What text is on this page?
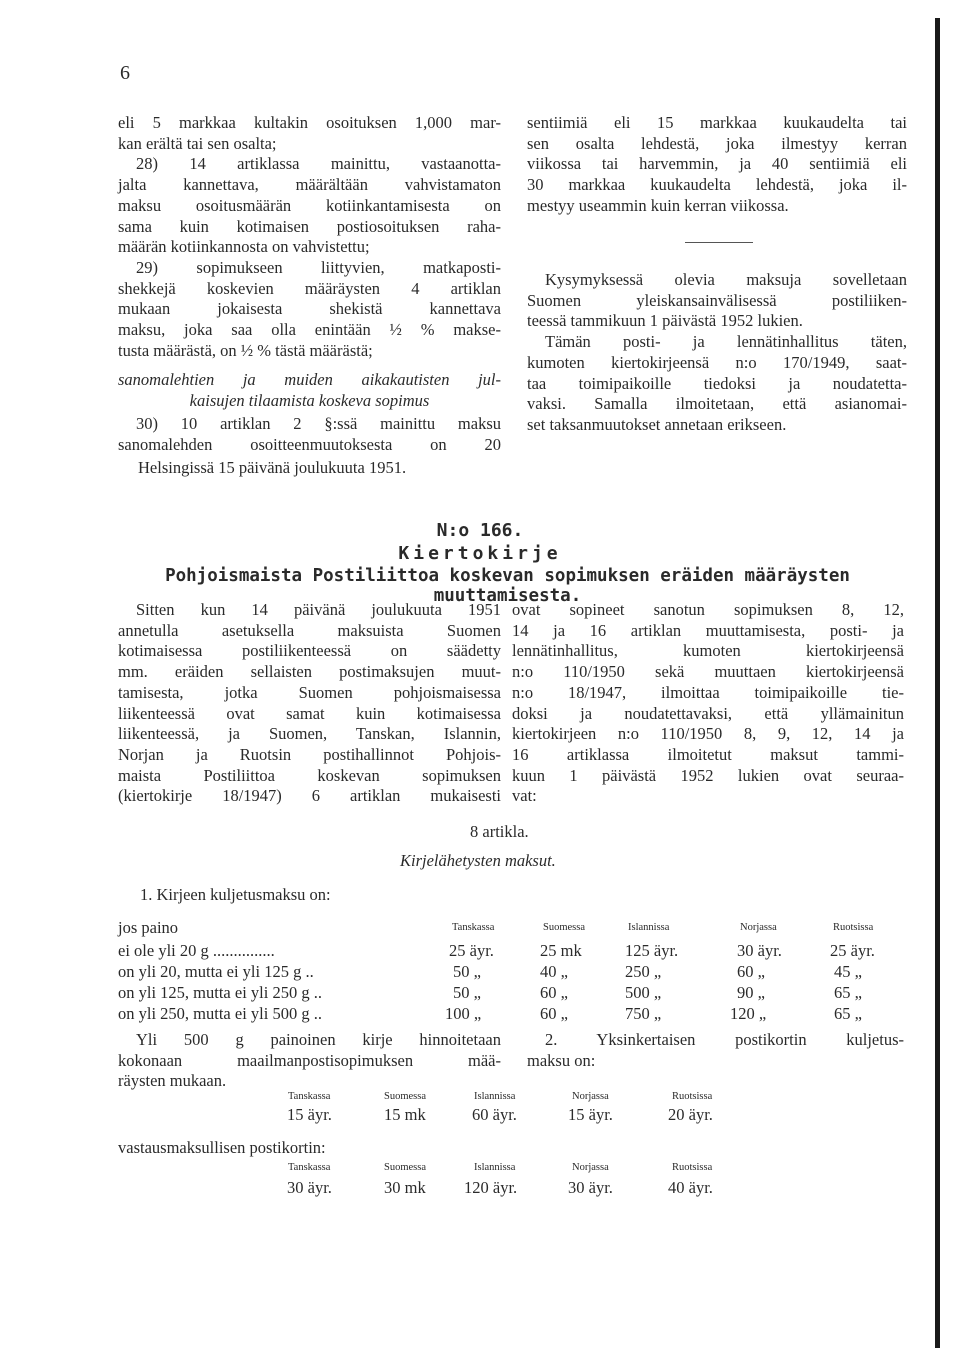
6

eli 5 markkaa kultakin osoituksen 1,000 mar-

kan erältä tai sen osalta;

28) 14 artiklassa mainittu, vastaanotta-

jalta kannettava, määrältään vahvistamaton

maksu osoitusmäärän kotiinkantamisesta on

sama kuin kotimaisen postiosoituksen raha-

määrän kotiinkannosta on vahvistettu;

29) sopimukseen liittyvien, matkaposti-

shekkejä koskevien määräysten 4 artiklan

mukaan jokaisesta shekistä kannettava

maksu, joka saa olla enintään ½ % makse-

tusta määrästä, on ½ % tästä määrästä;

sanomalehtien ja muiden aikakautisten jul-

kaisujen tilaamista koskeva sopimus

30) 10 artiklan 2 §:ssä mainittu maksu

sanomalehden osoitteenmuutoksesta on 20

Helsingissä 15 päivänä joulukuuta 1951.

sentiimiä eli 15 markkaa kuukaudelta tai

sen osalta lehdestä, joka ilmestyy kerran

viikossa tai harvemmin, ja 40 sentiimiä eli

30 markkaa kuukaudelta lehdestä, joka il-

mestyy useammin kuin kerran viikossa.

Kysymyksessä olevia maksuja sovelletaan

Suomen yleiskansainvälisessä postiliiken-

teessä tammikuun 1 päivästä 1952 lukien.

Tämän posti- ja lennätinhallitus täten,

kumoten kiertokirjeensä n:o 170/1949, saat-

taa toimipaikoille tiedoksi ja noudatetta-

vaksi. Samalla ilmoitetaan, että asianomai-

set taksanmuutokset annetaan erikseen.

N:o 166.
Kiertokirje
Pohjoismaista Postiliittoa koskevan sopimuksen eräiden määräysten muuttamisesta.

Sitten kun 14 päivänä joulukuuta 1951

annetulla asetuksella maksuista Suomen

kotimaisessa postiliikenteessä on säädetty

mm. eräiden sellaisten postimaksujen muut-

tamisesta, jotka Suomen pohjoismaisessa

liikenteessä ovat samat kuin kotimaisessa

liikenteessä, ja Suomen, Tanskan, Islannin,

Norjan ja Ruotsin postihallinnot Pohjois-

maista Postiliittoa koskevan sopimuksen

(kiertokirje 18/1947) 6 artiklan mukaisesti

ovat sopineet sanotun sopimuksen 8, 12,

14 ja 16 artiklan muuttamisesta, posti- ja

lennätinhallitus, kumoten kiertokirjeensä

n:o 110/1950 sekä muuttaen kiertokirjeensä

n:o 18/1947, ilmoittaa toimipaikoille tie-

doksi ja noudatettavaksi, että yllämainitun

kiertokirjeen n:o 110/1950 8, 9, 12, 14 ja

16 artiklassa ilmoitetut maksut tammi-

kuun 1 päivästä 1952 lukien ovat seuraa-

vat:

8 artikla.
Kirjelähetysten maksut.
1. Kirjeen kuljetusmaksu on:
jos paino	Tanskassa	Suomessa	Islannissa	Norjassa	Ruotsissa
ei ole yli 20 g ...............	25 äyr.	25 mk	125 äyr.	30 äyr.	25 äyr.
on yli 20, mutta ei yli 125 g ..	50 „	40 „	250 „	60 „	45 „
on yli 125, mutta ei yli 250 g ..	50 „	60 „	500 „	90 „	65 „
on yli 250, mutta ei yli 500 g ..	100 „	60 „	750 „	120 „	65 „

Yli 500 g painoinen kirje hinnoitetaan

kokonaan maailmanpostisopimuksen mää-

räysten mukaan.

2. Yksinkertaisen postikortin kuljetus-

maksu on:

Tanskassa	Suomessa	Islannissa	Norjassa	Ruotsissa
15 äyr.	15 mk	60 äyr.	15 äyr.	20 äyr.
vastausmaksullisen postikortin:
Tanskassa	Suomessa	Islannissa	Norjassa	Ruotsissa
30 äyr.	30 mk 120 äyr.	30 äyr.	40 äyr.
